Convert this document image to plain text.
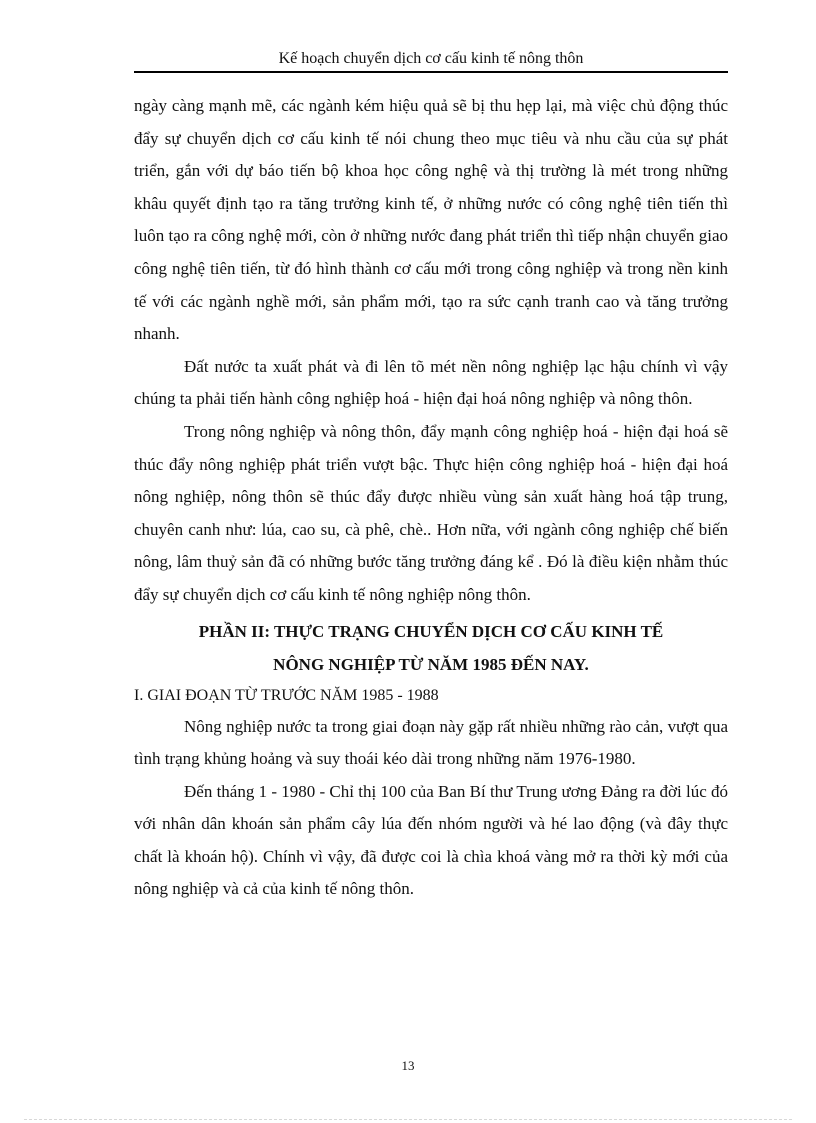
Kế hoạch chuyển dịch cơ cấu kinh tế nông thôn

ngày càng mạnh mẽ, các ngành kém hiệu quả sẽ bị thu hẹp lại, mà việc chủ động thúc đẩy sự chuyển dịch cơ cấu kinh tế nói chung theo mục tiêu và nhu cầu của sự phát triển, gắn với dự báo tiến bộ khoa học công nghệ và thị trường là mét trong những khâu quyết định tạo ra tăng trưởng kinh tế, ở những nước có công nghệ tiên tiến thì luôn tạo ra công nghệ mới, còn ở những nước đang phát triển thì tiếp nhận chuyển giao công nghệ tiên tiến, từ đó hình thành cơ cấu mới trong công nghiệp và trong nền kinh tế với các ngành nghề mới, sản phẩm mới, tạo ra sức cạnh tranh cao và tăng trưởng nhanh.

Đất nước ta xuất phát và đi lên tõ mét nền nông nghiệp lạc hậu chính vì vậy chúng ta phải tiến hành công nghiệp hoá - hiện đại hoá nông nghiệp và nông thôn.

Trong nông nghiệp và nông thôn, đẩy mạnh công nghiệp hoá - hiện đại hoá sẽ thúc đẩy nông nghiệp phát triển vượt bậc. Thực hiện công nghiệp hoá - hiện đại hoá nông nghiệp, nông thôn sẽ thúc đẩy được nhiều vùng sản xuất hàng hoá tập trung, chuyên canh như: lúa, cao su, cà phê, chè.. Hơn nữa, với ngành công nghiệp chế biến nông, lâm thuỷ sản đã có những bước tăng trưởng đáng kể . Đó là điều kiện nhằm thúc đẩy sự chuyển dịch cơ cấu kinh tế nông nghiệp nông thôn.

PHẦN II: THỰC TRẠNG CHUYỂN DỊCH CƠ CẤU KINH TẾ
NÔNG NGHIỆP TỪ NĂM 1985 ĐẾN NAY.
I. GIAI ĐOẠN TỪ TRƯỚC NĂM 1985 - 1988

Nông nghiệp nước ta trong giai đoạn này gặp rất nhiều những rào cản, vượt qua tình trạng khủng hoảng và suy thoái kéo dài trong những năm 1976-1980.

Đến tháng 1 - 1980 - Chỉ thị 100 của Ban Bí thư Trung ương Đảng ra đời lúc đó với nhân dân khoán sản phẩm cây lúa đến nhóm người và hé lao động (và đây thực chất là khoán hộ). Chính vì vậy, đã được coi là chìa khoá vàng mở ra thời kỳ mới của nông nghiệp và cả của kinh tế nông thôn.

13
